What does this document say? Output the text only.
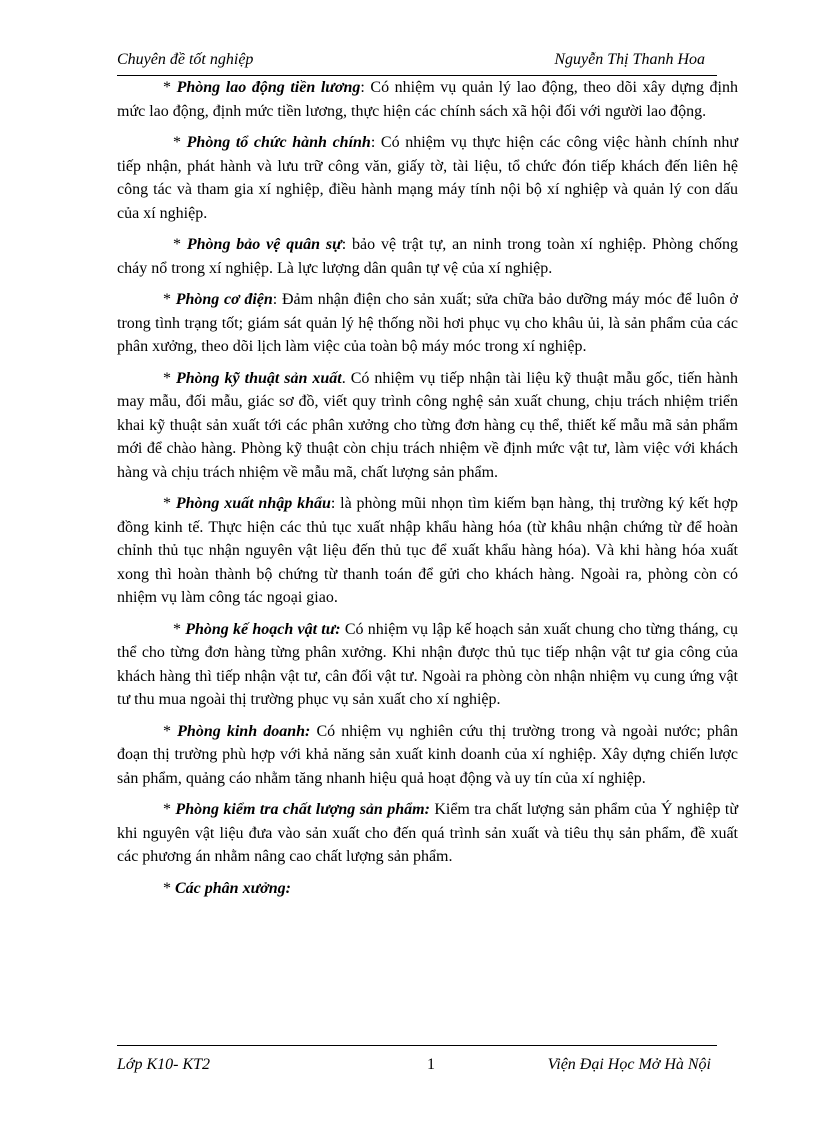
Chuyên đề tốt nghiệp	Nguyễn Thị Thanh Hoa

* Phòng lao động tiền lương: Có nhiệm vụ quản lý lao động, theo dõi xây dựng định mức lao động, định mức tiền lương, thực hiện các chính sách xã hội đối với người lao động.

* Phòng tổ chức hành chính: Có nhiệm vụ thực hiện các công việc hành chính như tiếp nhận, phát hành và lưu trữ công văn, giấy tờ, tài liệu, tổ chức đón tiếp khách đến liên hệ công tác và tham gia xí nghiệp, điều hành mạng máy tính nội bộ xí nghiệp và quản lý con dấu của xí nghiệp.

* Phòng bảo vệ quân sự: bảo vệ trật tự, an ninh trong toàn xí nghiệp. Phòng chống cháy nổ trong xí nghiệp. Là lực lượng dân quân tự vệ của xí nghiệp.

* Phòng cơ điện: Đảm nhận điện cho sản xuất; sửa chữa bảo dưỡng máy móc để luôn ở trong tình trạng tốt; giám sát quản lý hệ thống nồi hơi phục vụ cho khâu ủi, là sản phẩm của các phân xưởng, theo dõi lịch làm việc của toàn bộ máy móc trong xí nghiệp.

* Phòng kỹ thuật sản xuất. Có nhiệm vụ tiếp nhận tài liệu kỹ thuật mẫu gốc, tiến hành may mẫu, đối mẫu, giác sơ đồ, viết quy trình công nghệ sản xuất chung, chịu trách nhiệm triển khai kỹ thuật sản xuất tới các phân xưởng cho từng đơn hàng cụ thể, thiết kế mẫu mã sản phẩm mới để chào hàng. Phòng kỹ thuật còn chịu trách nhiệm về định mức vật tư, làm việc với khách hàng và chịu trách nhiệm về mẫu mã, chất lượng sản phẩm.

* Phòng xuất nhập khẩu: là phòng mũi nhọn tìm kiếm bạn hàng, thị trường ký kết hợp đồng kinh tế. Thực hiện các thủ tục xuất nhập khẩu hàng hóa (từ khâu nhận chứng từ để hoàn chỉnh thủ tục nhận nguyên vật liệu đến thủ tục để xuất khẩu hàng hóa). Và khi hàng hóa xuất xong thì hoàn thành bộ chứng từ thanh toán để gửi cho khách hàng. Ngoài ra, phòng còn có nhiệm vụ làm công tác ngoại giao.

* Phòng kế hoạch vật tư: Có nhiệm vụ lập kế hoạch sản xuất chung cho từng tháng, cụ thể cho từng đơn hàng từng phân xưởng. Khi nhận được thủ tục tiếp nhận vật tư gia công của khách hàng thì tiếp nhận vật tư, cân đối vật tư. Ngoài ra phòng còn nhận nhiệm vụ cung ứng vật tư thu mua ngoài thị trường phục vụ sản xuất cho xí nghiệp.

* Phòng kinh doanh: Có nhiệm vụ nghiên cứu thị trường trong và ngoài nước; phân đoạn thị trường phù hợp với khả năng sản xuất kinh doanh của xí nghiệp. Xây dựng chiến lược sản phẩm, quảng cáo nhằm tăng nhanh hiệu quả hoạt động và uy tín của xí nghiệp.

* Phòng kiểm tra chất lượng sản phẩm: Kiểm tra chất lượng sản phẩm của Ý nghiệp từ khi nguyên vật liệu đưa vào sản xuất cho đến quá trình sản xuất và tiêu thụ sản phẩm, đề xuất các phương án nhằm nâng cao chất lượng sản phẩm.

* Các phân xưởng:

Lớp K10- KT2	1	Viện Đại Học Mở Hà Nội
